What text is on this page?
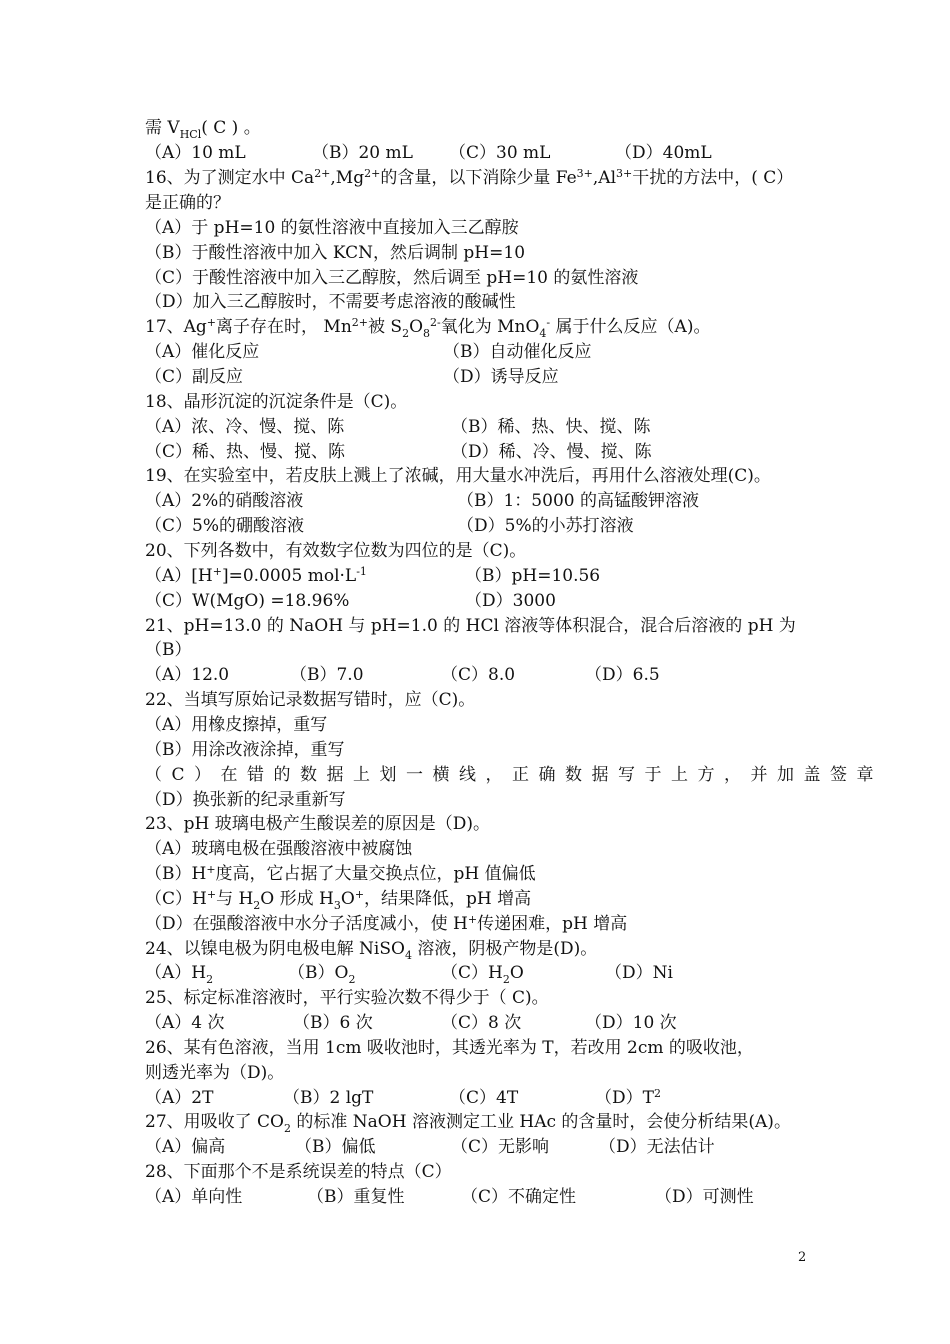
需 $V_{HCl}$( C ) 。
（A）10 mL	（B）20 mL （C）30 mL	（D）40mL
16、为了测定水中 $Ca^{2+},Mg^{2+}$的含量，以下消除少量 $Fe^{3+},Al^{3+}$干扰的方法中，( C）
是正确的？
（A）于 pH=10 的氨性溶液中直接加入三乙醇胺
（B）于酸性溶液中加入 KCN，然后调制 pH=10
（C）于酸性溶液中加入三乙醇胺，然后调至 pH=10 的氨性溶液
（D）加入三乙醇胺时，不需要考虑溶液的酸碱性
17、Ag+离子存在时， $Mn^{2+}$被 $S_2O_8^{2-}$氧化为 MnO$_4$- 属于什么反应（A)。
（A）催化反应	（B）自动催化反应
（C）副反应	（D）诱导反应
18、晶形沉淀的沉淀条件是（C)。
（A）浓、冷、慢、搅、陈	（B）稀、热、快、搅、陈
（C）稀、热、慢、搅、陈	（D）稀、冷、慢、搅、陈
19、在实验室中，若皮肤上溅上了浓碱，用大量水冲洗后，再用什么溶液处理(C)。
（A）2%的硝酸溶液	（B）1：5000 的高锰酸钾溶液
（C）5%的硼酸溶液	（D）5%的小苏打溶液
20、下列各数中，有效数字位数为四位的是（C)。
（A）[H+]=0.0005 $mol\cdot L^{-1}$	（B）pH=10.56
（C）W(MgO) =18.96%	（D）3000
21、pH=13.0 的 NaOH 与 pH=1.0 的 HCl 溶液等体积混合，混合后溶液的 pH 为
（B）
（A）12.0	（B）7.0	（C）8.0	（D）6.5
22、当填写原始记录数据写错时，应（C)。
（A）用橡皮擦掉，重写
（B）用涂改液涂掉，重写
（C）在错的数据上划一横线，正确数据写于上方，并加盖签章
（D）换张新的纪录重新写
23、pH 玻璃电极产生酸误差的原因是（D)。
（A）玻璃电极在强酸溶液中被腐蚀
（B）H+度高，它占据了大量交换点位，pH 值偏低
（C）H+与 $H_2O$ 形成 $H_3O^+$，结果降低，pH 增高
（D）在强酸溶液中水分子活度减小，使 H+传递困难，pH 增高
24、以镍电极为阴电极电解 NiSO$_4$ 溶液，阴极产物是(D)。
$(A)H_2$	$(B)O_2$	$(C)H_2O$	（D）Ni
25、标定标准溶液时，平行实验次数不得少于（ C)。
（A）4 次	（B）6 次	（C）8 次	（D）10 次
26、某有色溶液，当用 1cm 吸收池时，其透光率为 T，若改用 2cm 的吸收池，
则透光率为（D)。
（A）2T	（B）2 lgT	（C）4T	$(D)T^2$
27、用吸收了 $CO_2$ 的标准 NaOH 溶液测定工业 HAc 的含量时，会使分析结果(A)。
（A）偏高	（B）偏低	（C）无影响	（D）无法估计
28、下面那个不是系统误差的特点（C）
（A）单向性	（B）重复性	（C）不确定性	（D）可测性
2
